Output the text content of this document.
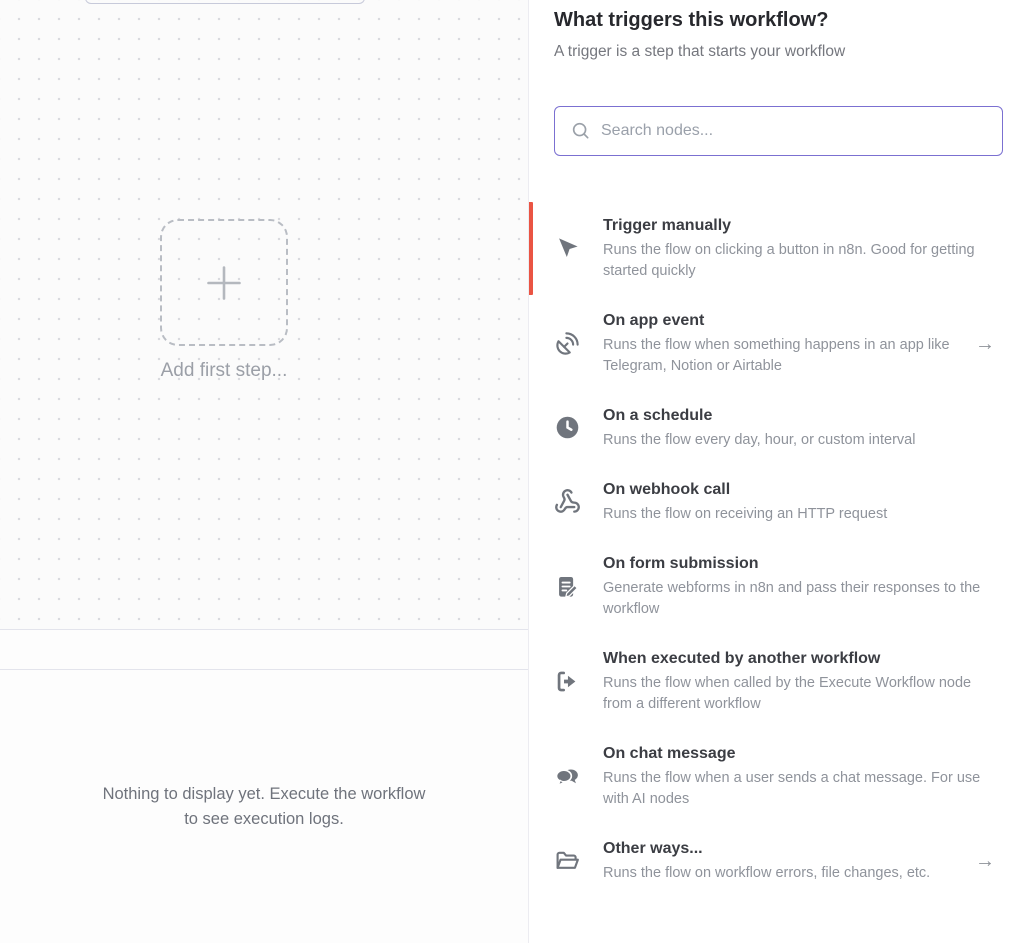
Add first step...
Nothing to display yet. Execute the workflow to see execution logs.
What triggers this workflow?
A trigger is a step that starts your workflow
Search nodes...
Trigger manually
Runs the flow on clicking a button in n8n. Good for getting started quickly
On app event
Runs the flow when something happens in an app like Telegram, Notion or Airtable
→
On a schedule
Runs the flow every day, hour, or custom interval
On webhook call
Runs the flow on receiving an HTTP request
On form submission
Generate webforms in n8n and pass their responses to the workflow
When executed by another workflow
Runs the flow when called by the Execute Workflow node from a different workflow
On chat message
Runs the flow when a user sends a chat message. For use with AI nodes
Other ways...
Runs the flow on workflow errors, file changes, etc.
→
